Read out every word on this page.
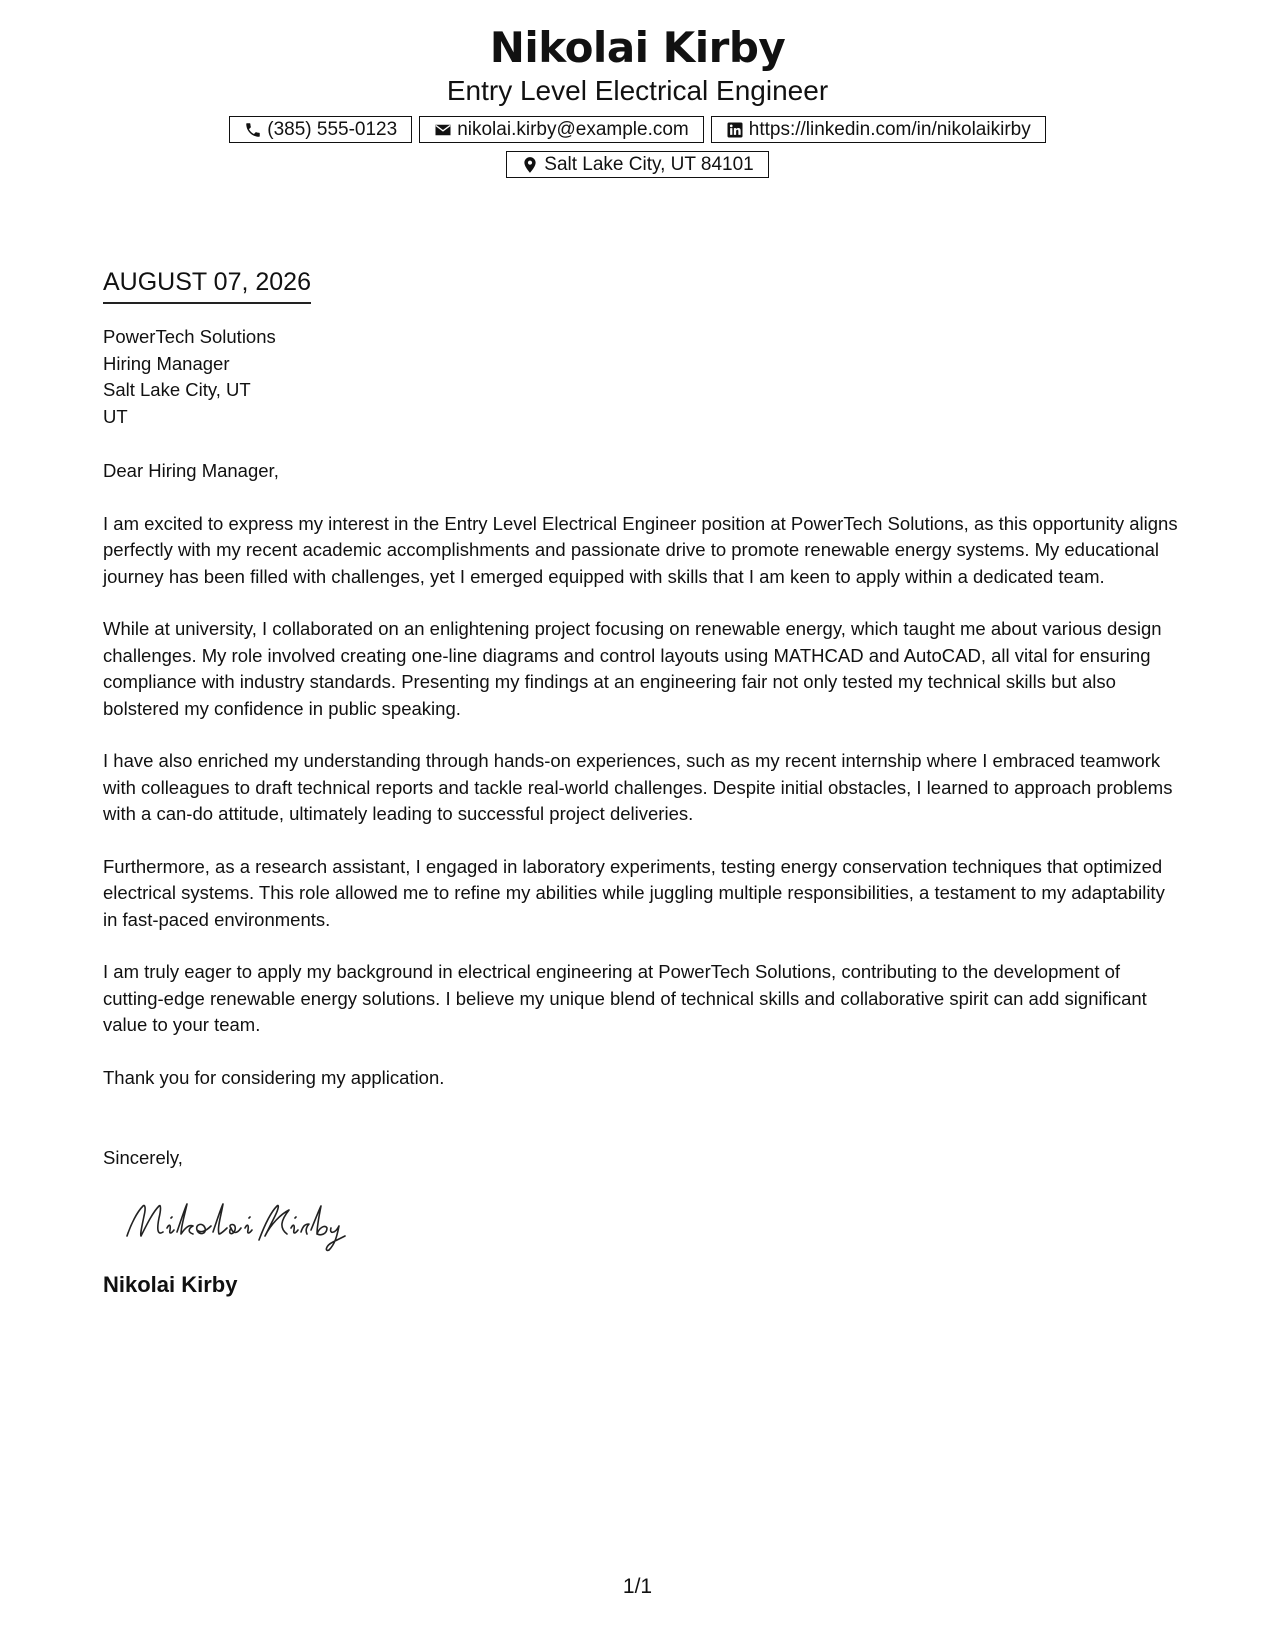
Nikolai Kirby
Entry Level Electrical Engineer
(385) 555-0123	nikolai.kirby@example.com	https://linkedin.com/in/nikolaikirby
Salt Lake City, UT 84101
AUGUST 07, 2026
PowerTech Solutions
Hiring Manager
Salt Lake City, UT
UT
Dear Hiring Manager,

I am excited to express my interest in the Entry Level Electrical Engineer position at PowerTech Solutions, as this opportunity aligns perfectly with my recent academic accomplishments and passionate drive to promote renewable energy systems. My educational journey has been filled with challenges, yet I emerged equipped with skills that I am keen to apply within a dedicated team.

While at university, I collaborated on an enlightening project focusing on renewable energy, which taught me about various design challenges. My role involved creating one-line diagrams and control layouts using MATHCAD and AutoCAD, all vital for ensuring compliance with industry standards. Presenting my findings at an engineering fair not only tested my technical skills but also bolstered my confidence in public speaking.

I have also enriched my understanding through hands-on experiences, such as my recent internship where I embraced teamwork with colleagues to draft technical reports and tackle real-world challenges. Despite initial obstacles, I learned to approach problems with a can-do attitude, ultimately leading to successful project deliveries.

Furthermore, as a research assistant, I engaged in laboratory experiments, testing energy conservation techniques that optimized electrical systems. This role allowed me to refine my abilities while juggling multiple responsibilities, a testament to my adaptability in fast-paced environments.

I am truly eager to apply my background in electrical engineering at PowerTech Solutions, contributing to the development of cutting-edge renewable energy solutions. I believe my unique blend of technical skills and collaborative spirit can add significant value to your team.

Thank you for considering my application.

Sincerely,
Nikolai Kirby
1/1
